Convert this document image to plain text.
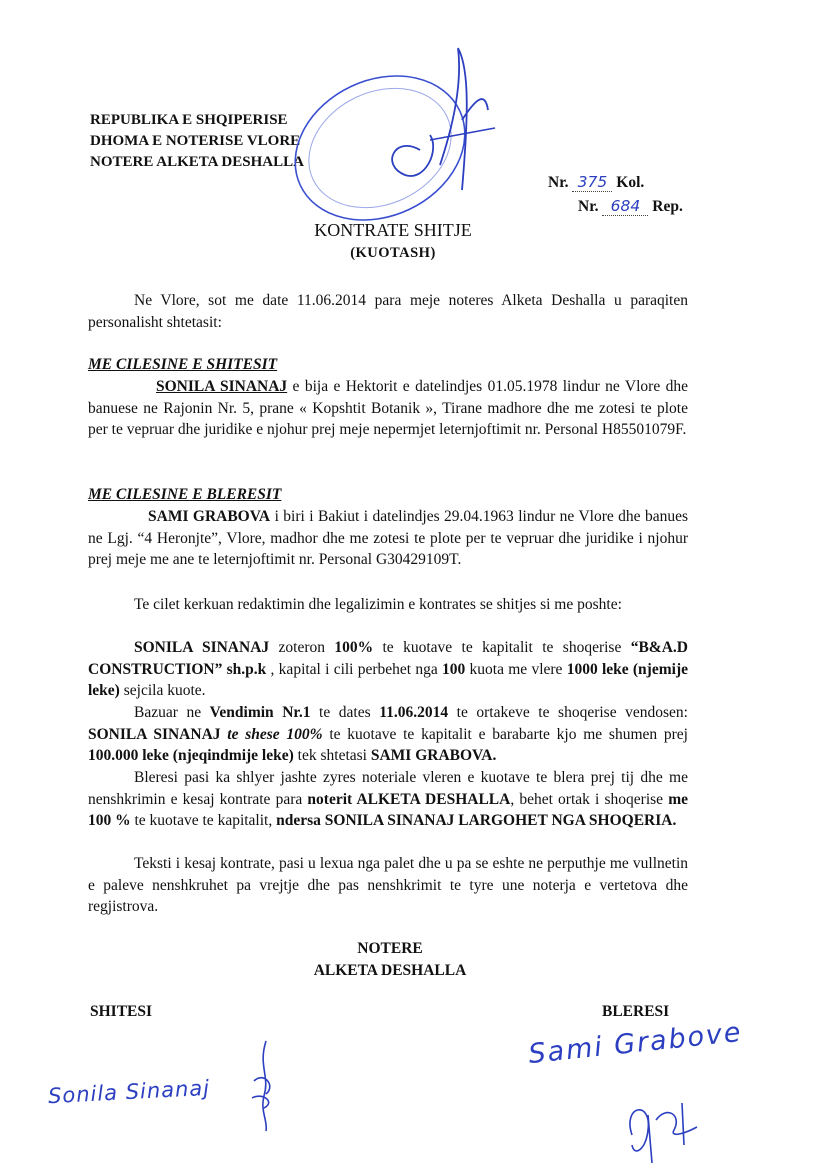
REPUBLIKA E SHQIPERISE
DHOMA E NOTERISE VLORE
NOTERE ALKETA DESHALLA
Nr. 375 Kol.
Nr. 684 Rep.
KONTRATE SHITJE
(KUOTASH)
Ne Vlore, sot me date 11.06.2014 para meje noteres Alketa Deshalla u paraqiten personalisht shtetasit:
ME CILESINE E SHITESIT
SONILA SINANAJ e bija e Hektorit e datelindjes 01.05.1978 lindur ne Vlore dhe banuese ne Rajonin Nr. 5, prane « Kopshtit Botanik », Tirane madhore dhe me zotesi te plote per te vepruar dhe juridike e njohur prej meje nepermjet leternjoftimit nr. Personal H85501079F.
ME CILESINE E BLERESIT
SAMI GRABOVA i biri i Bakiut i datelindjes 29.04.1963 lindur ne Vlore dhe banues ne Lgj. “4 Heronjte”, Vlore, madhor dhe me zotesi te plote per te vepruar dhe juridike i njohur prej meje me ane te leternjoftimit nr. Personal G30429109T.
Te cilet kerkuan redaktimin dhe legalizimin e kontrates se shitjes si me poshte:
SONILA SINANAJ zoteron 100% te kuotave te kapitalit te shoqerise “B&A.D CONSTRUCTION” sh.p.k , kapital i cili perbehet nga 100 kuota me vlere 1000 leke (njemije leke) sejcila kuote.
Bazuar ne Vendimin Nr.1 te dates 11.06.2014 te ortakeve te shoqerise vendosen: SONILA SINANAJ te shese 100% te kuotave te kapitalit e barabarte kjo me shumen prej 100.000 leke (njeqindmije leke) tek shtetasi SAMI GRABOVA.
Bleresi pasi ka shlyer jashte zyres noteriale vleren e kuotave te blera prej tij dhe me nenshkrimin e kesaj kontrate para noterit ALKETA DESHALLA, behet ortak i shoqerise me 100 % te kuotave te kapitalit, ndersa SONILA SINANAJ LARGOHET NGA SHOQERIA.
Teksti i kesaj kontrate, pasi u lexua nga palet dhe u pa se eshte ne perputhje me vullnetin e paleve nenshkruhet pa vrejtje dhe pas nenshkrimit te tyre une noterja e vertetova dhe regjistrova.
NOTERE
ALKETA DESHALLA
SHITESI	BLERESI
Sonila Sinanaj
Sami Grabove
